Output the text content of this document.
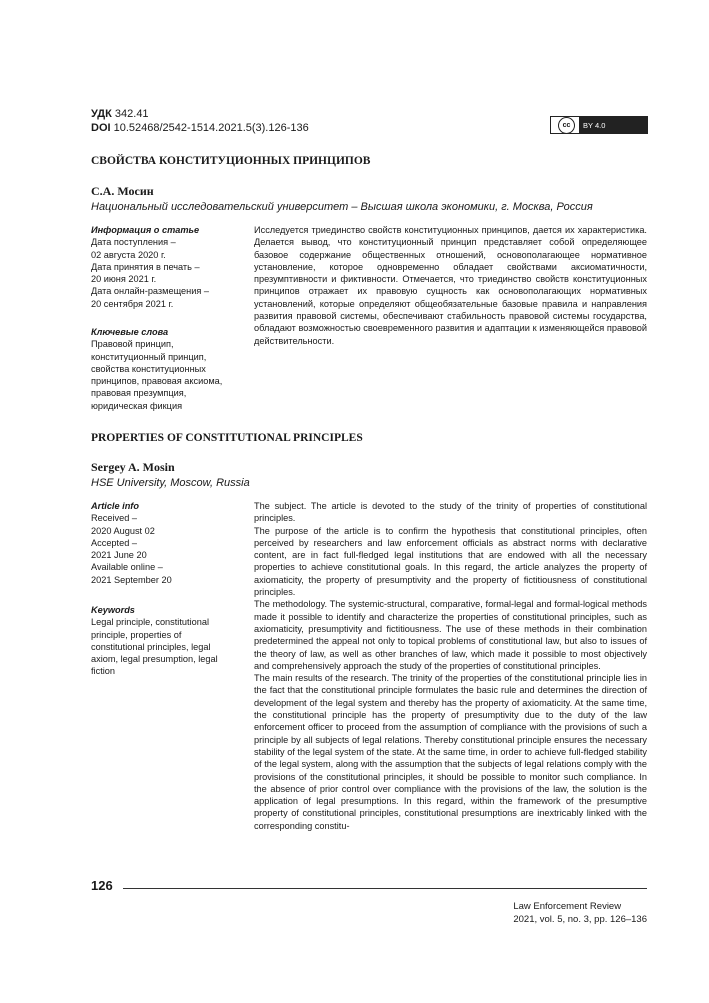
УДК 342.41
DOI 10.52468/2542-1514.2021.5(3).126-136	cc	BY 4.0
СВОЙСТВА КОНСТИТУЦИОННЫХ ПРИНЦИПОВ
С.А. Мосин
Национальный исследовательский университет – Высшая школа экономики, г. Москва, Россия
Информация о статье
Дата поступления –
02 августа 2020 г.
Дата принятия в печать –
20 июня 2021 г.
Дата онлайн-размещения –
20 сентября 2021 г.
Ключевые слова
Правовой принцип,
конституционный принцип,
свойства конституционных
принципов, правовая аксиома,
правовая презумпция,
юридическая фикция

Исследуется триединство свойств конституционных принципов, дается их характеристика. Делается вывод, что конституционный принцип представляет собой определяющее базовое содержание общественных отношений, основополагающее нормативное установление, которое одновременно обладает свойствами аксиоматичности, презумптивности и фиктивности. Отмечается, что триединство свойств конституционных принципов отражает их правовую сущность как основополагающих нормативных установлений, которые определяют общеобязательные базовые правила и направления развития правовой системы, обеспечивают стабильность правовой системы государства, обладают возможностью своевременного развития и адаптации к изменяющейся правовой действительности.

PROPERTIES OF CONSTITUTIONAL PRINCIPLES
Sergey A. Mosin
HSE University, Moscow, Russia
Article info
Received –
2020 August 02
Accepted –
2021 June 20
Available online –
2021 September 20
Keywords
Legal principle, constitutional
principle, properties of
constitutional principles, legal
axiom, legal presumption, legal
fiction

The subject. The article is devoted to the study of the trinity of properties of constitutional principles.

The purpose of the article is to confirm the hypothesis that constitutional principles, often perceived by researchers and law enforcement officials as abstract norms with declarative content, are in fact full-fledged legal institutions that are endowed with all the necessary properties to achieve constitutional goals. In this regard, the article analyzes the property of axiomaticity, the property of presumptivity and the property of fictitiousness of constitutional principles.

The methodology. The systemic-structural, comparative, formal-legal and formal-logical methods made it possible to identify and characterize the properties of constitutional principles, such as axiomaticity, presumptivity and fictitiousness. The use of these methods in their combination predetermined the appeal not only to topical problems of constitutional law, but also to issues of the theory of law, as well as other branches of law, which made it possible to most objectively and comprehensively approach the study of the properties of constitutional principles.

The main results of the research. The trinity of the properties of the constitutional principle lies in the fact that the constitutional principle formulates the basic rule and determines the direction of development of the legal system and thereby has the property of axiomaticity. At the same time, the constitutional principle has the property of presumptivity due to the duty of the law enforcement officer to proceed from the assumption of compliance with the provisions of such a principle by all subjects of legal relations. Thereby constitutional principle ensures the necessary stability of the legal system of the state. At the same time, in order to achieve full-fledged stability of the legal system, along with the assumption that the subjects of legal relations comply with the provisions of the constitutional principles, it should be possible to monitor such compliance. In the absence of prior control over compliance with the provisions of the law, the solution is the application of legal presumptions. In this regard, within the framework of the presumptive property of constitutional principles, constitutional presumptions are inextricably linked with the corresponding constitu-

126
Law Enforcement Review
2021, vol. 5, no. 3, pp. 126–136
